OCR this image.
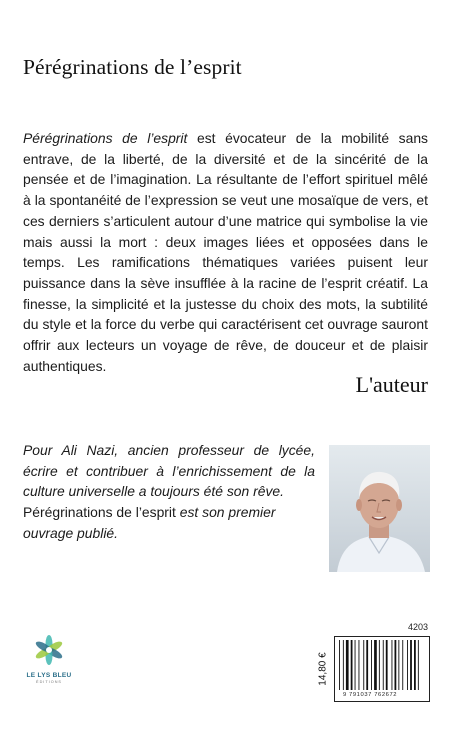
Pérégrinations de l’esprit
Pérégrinations de l’esprit est évocateur de la mobilité sans
entrave, de la liberté, de la diversité et de la sincérité de la
pensée et de l’imagination. La résultante de l’effort spirituel mêlé
à la spontanéité de l’expression se veut une mosaïque de vers, et
ces derniers s’articulent autour d’une matrice qui symbolise la vie
mais aussi la mort : deux images liées et opposées dans le
temps. Les ramifications thématiques variées puisent leur
puissance dans la sève insufflée à la racine de l’esprit créatif. La
finesse, la simplicité et la justesse du choix des mots, la subtilité
du style et la force du verbe qui caractérisent cet ouvrage sauront
offrir aux lecteurs un voyage de rêve, de douceur et de plaisir
authentiques.
L'auteur
Pour Ali Nazi, ancien professeur de lycée,
écrire et contribuer à l’enrichissement de la
culture universelle a toujours été son rêve.
Pérégrinations de l’esprit est son premier
ouvrage publié.
LE LYS BLEU
ÉDITIONS
4203
14,80 €
9 791037 762672
